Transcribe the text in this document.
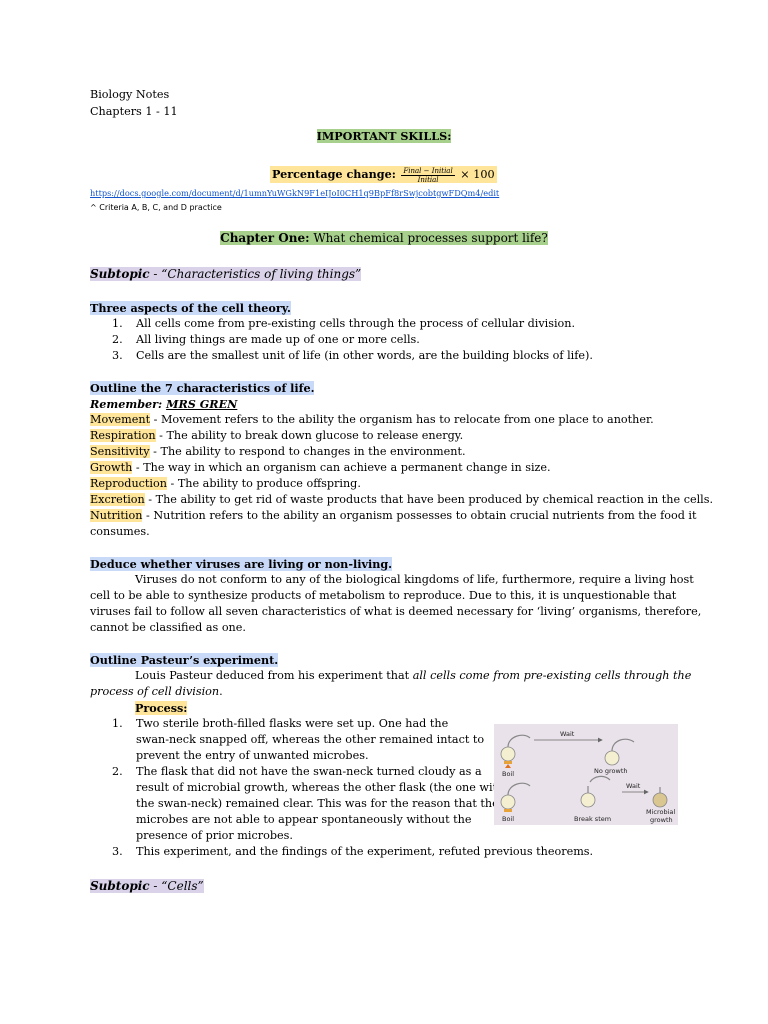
Biology Notes
Chapters 1 - 11
IMPORTANT SKILLS:
Percentage change: $\frac{\text{Final − Initial}}{\text{Initial}} \times 100$
https://docs.google.com/document/d/1umnYuWGkN9F1eIJoI0CH1q9BpFf8rSwjcobtgwFDQm4/edit
^ Criteria A, B, C, and D practice
Chapter One: What chemical processes support life?
Subtopic - “Characteristics of living things”
Three aspects of the cell theory.
1. All cells come from pre-existing cells through the process of cellular division.
2. All living things are made up of one or more cells.
3. Cells are the smallest unit of life (in other words, are the building blocks of life).
Outline the 7 characteristics of life.
Remember: MRS GREN
Movement - Movement refers to the ability the organism has to relocate from one place to another.
Respiration - The ability to break down glucose to release energy.
Sensitivity - The ability to respond to changes in the environment.
Growth - The way in which an organism can achieve a permanent change in size.
Reproduction - The ability to produce offspring.
Excretion - The ability to get rid of waste products that have been produced by chemical reaction in the cells.
Nutrition - Nutrition refers to the ability an organism possesses to obtain crucial nutrients from the food it
consumes.
Deduce whether viruses are living or non-living.
Viruses do not conform to any of the biological kingdoms of life, furthermore, require a living host
cell to be able to synthesize products of metabolism to reproduce. Due to this, it is unquestionable that
viruses fail to follow all seven characteristics of what is deemed necessary for ‘living’ organisms, therefore,
cannot be classified as one.
Outline Pasteur’s experiment.
Louis Pasteur deduced from his experiment that all cells come from pre-existing cells through the
process of cell division.
Process:
1. Two sterile broth-filled flasks were set up. One had the
swan-neck snapped off, whereas the other remained intact to
prevent the entry of unwanted microbes.
2. The flask that did not have the swan-neck turned cloudy as a
result of microbial growth, whereas the other flask (the one with
the swan-neck) remained clear. This was for the reason that the
microbes are not able to appear spontaneously without the
presence of prior microbes.
3. This experiment, and the findings of the experiment, refuted previous theorems.
Boil
Wait
No growth
Boil	Break stem
Wait
Microbial
growth
Subtopic - “Cells”
